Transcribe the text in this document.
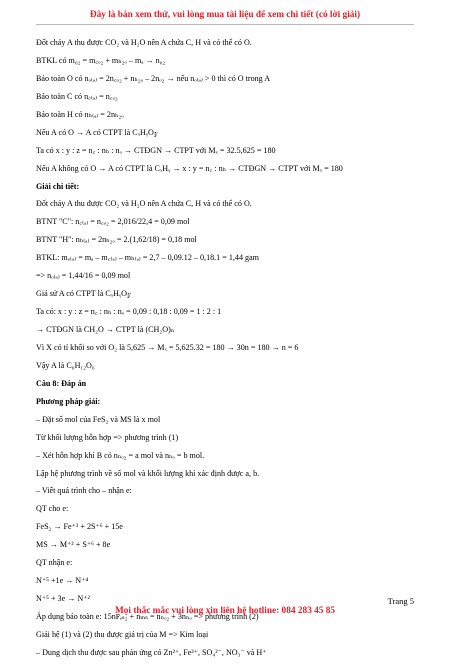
Đây là bản xem thử, vui lòng mua tài liệu để xem chi tiết (có lời giải)
Đốt cháy A thu được CO₂ và H₂O nên A chứa C, H và có thể có O.
BTKL có m₀₂ = m꜀ₒ₂ + mₕ₂ₒ – mₐ → n₀₂
Bảo toàn O có nₒ₍ₐ₎ = 2n꜀ₒ₂ + nₕ₂ₒ – 2nₒ₂ → nếu nₒ₍ₐ₎ > 0 thì có O trong A
Bảo toàn C có n꜀₍ₐ₎ = n꜀ₒ₂
Bảo toàn H có nₕ₍ₐ₎ = 2nₕ₂ₒ
Nếu A có O → A có CTPT là CₓHᵧO𝓏
Ta có x : y : z = n꜀ : nₕ : nₒ → CTĐGN → CTPT với Mₓ = 32.5,625 = 180
Nếu A không có O → A có CTPT là CₓHᵧ → x : y = n꜀ : nₕ → CTĐGN → CTPT với Mₓ = 180
Giải chi tiết:
Đốt cháy A thu được CO₂ và H₂O nên A chứa C, H và có thể có O.
BTNT "C": n꜀₍ₐ₎ = n꜀ₒ₂ = 2,016/22,4 = 0,09 mol
BTNT "H": nₕ₍ₐ₎ = 2nₕ₂ₒ = 2.(1,62/18) = 0,18 mol
BTKL: mₒ₍ₐ₎ = mₐ – m꜀₍ₐ₎ – mₕ₍ₐ₎ = 2,7 – 0,09.12 – 0,18.1 = 1,44 gam
=> nₒ₍ₐ₎ = 1,44/16 = 0,09 mol
Giả sử A có CTPT là CₓHᵧO𝓏
Ta có: x : y : z = n꜀ : nₕ : nₒ = 0,09 : 0,18 : 0,09 = 1 : 2 : 1
→ CTĐGN là CH₂O → CTPT là (CH₂O)ₙ
Vì X có tỉ khối so với O₂ là 5,625 → Mₓ = 5,625.32 = 180 → 30n = 180 → n = 6
Vậy A là C₆H₁₂O₆
Câu 8: Đáp án
Phương pháp giải:
– Đặt số mol của FeS₂ và MS là x mol
Từ khối lượng hỗn hợp => phương trình (1)
– Xét hỗn hợp khí B có nₙₒ₂ = a mol và nₙₒ = b mol.
Lập hệ phương trình về số mol và khối lượng khí xác định được a, b.
– Viết quá trình cho – nhận e:
QT cho e:
FeS₂ → Fe⁺³ + 2S⁺⁶ + 15e
MS → M⁺² + S⁺⁶ + 8e
QT nhận e:
N⁺⁵ +1e → N⁺⁴
N⁺⁵ + 3e → N⁺²
Áp dụng bảo toàn e: 15nꜰₑₛ₂ + nₘₛ = nₙₒ₂ + 3nₙₒ => phương trình (2)
Giải hệ (1) và (2) thu được giá trị của M => Kim loại
– Dung dịch thu được sau phản ứng có Zn²⁺, Fe³⁺, SO₄²⁻, NO₃⁻ và H⁺
Trang 5
Mọi thắc mắc vui lòng xin liên hệ hotline: 084 283 45 85
